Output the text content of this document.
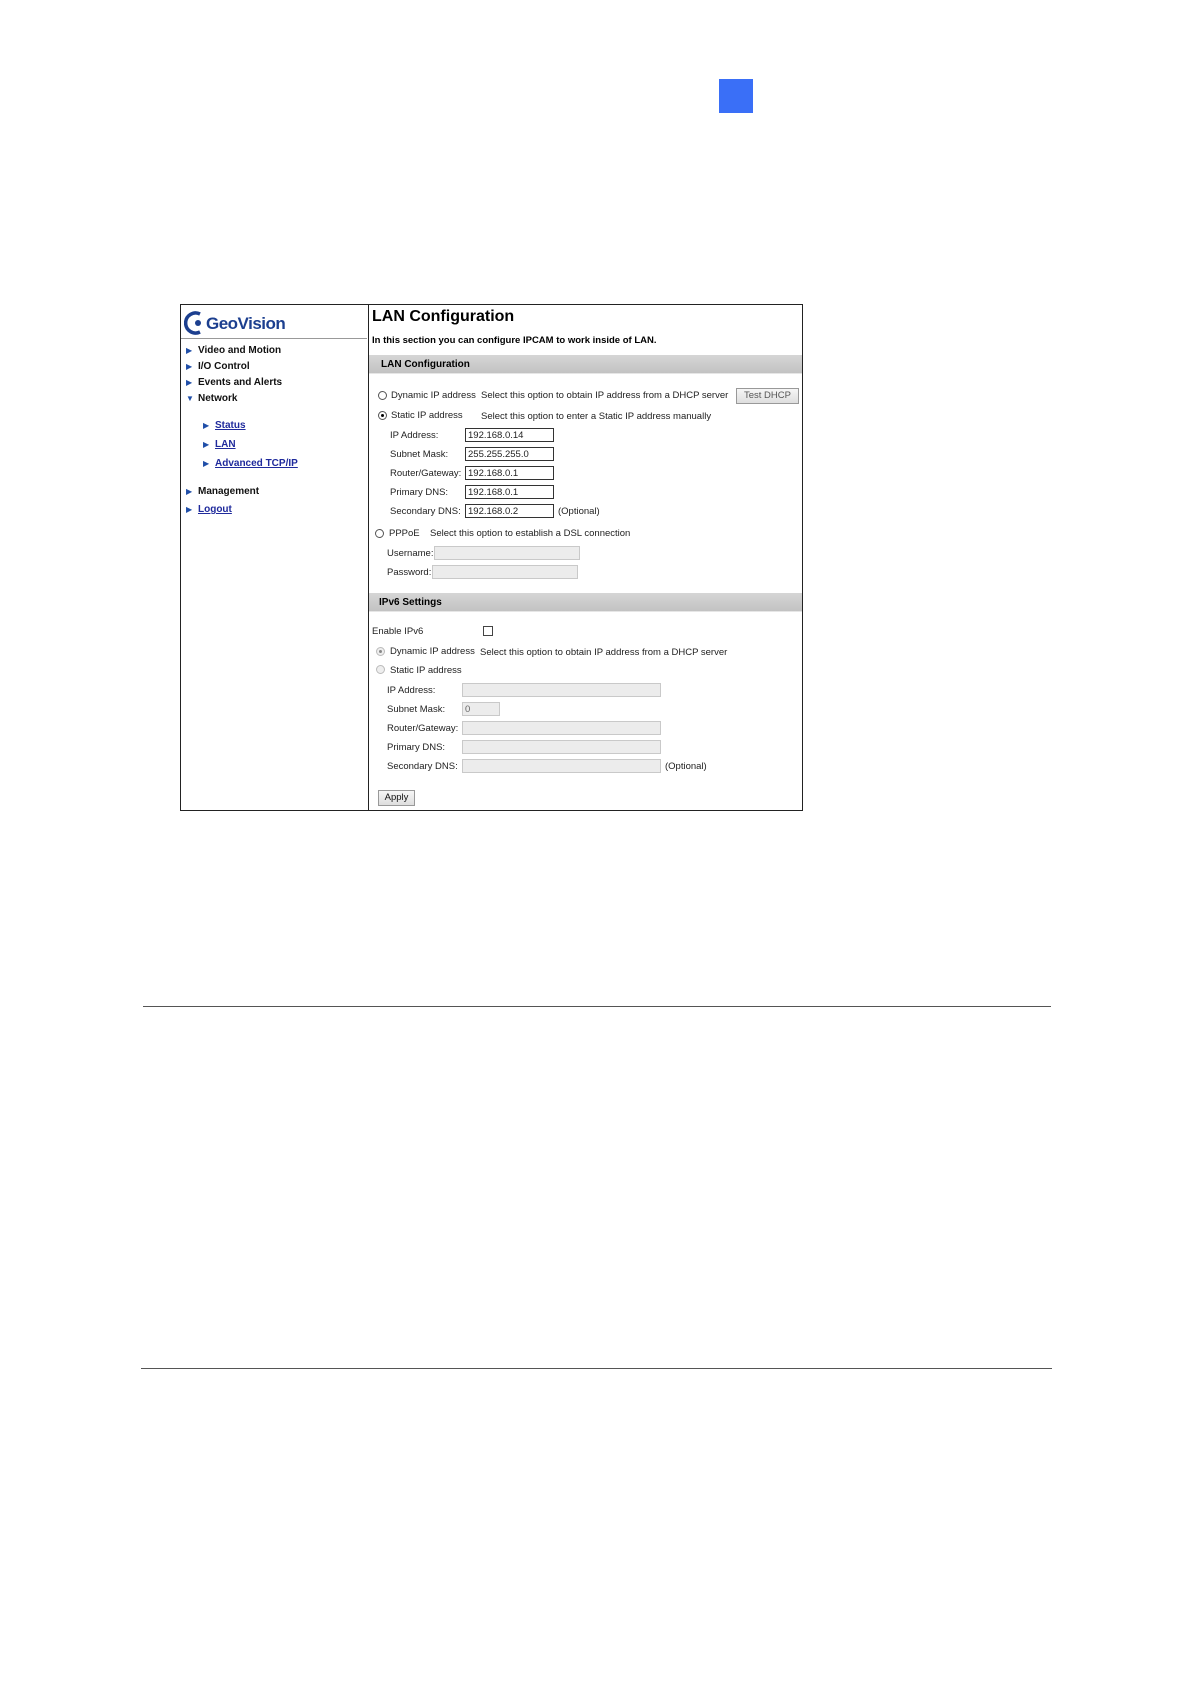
GeoVision
▶ Video and Motion
▶ I/O Control
▶ Events and Alerts
▼ Network
▶ Status
▶ LAN
▶ Advanced TCP/IP
▶ Management
▶ Logout
LAN Configuration
In this section you can configure IPCAM to work inside of LAN.
LAN Configuration
Dynamic IP address Select this option to obtain IP address from a DHCP server	Test DHCP
Static IP address Select this option to enter a Static IP address manually
IP Address:	192.168.0.14
Subnet Mask:	255.255.255.0
Router/Gateway: 192.168.0.1
Primary DNS:	192.168.0.1
Secondary DNS: 192.168.0.2	(Optional)
PPPoE Select this option to establish a DSL connection
Username:
Password:
IPv6 Settings
Enable IPv6
Dynamic IP address Select this option to obtain IP address from a DHCP server
Static IP address
IP Address:
Subnet Mask:	0
Router/Gateway:
Primary DNS:
Secondary DNS:	(Optional)
Apply
